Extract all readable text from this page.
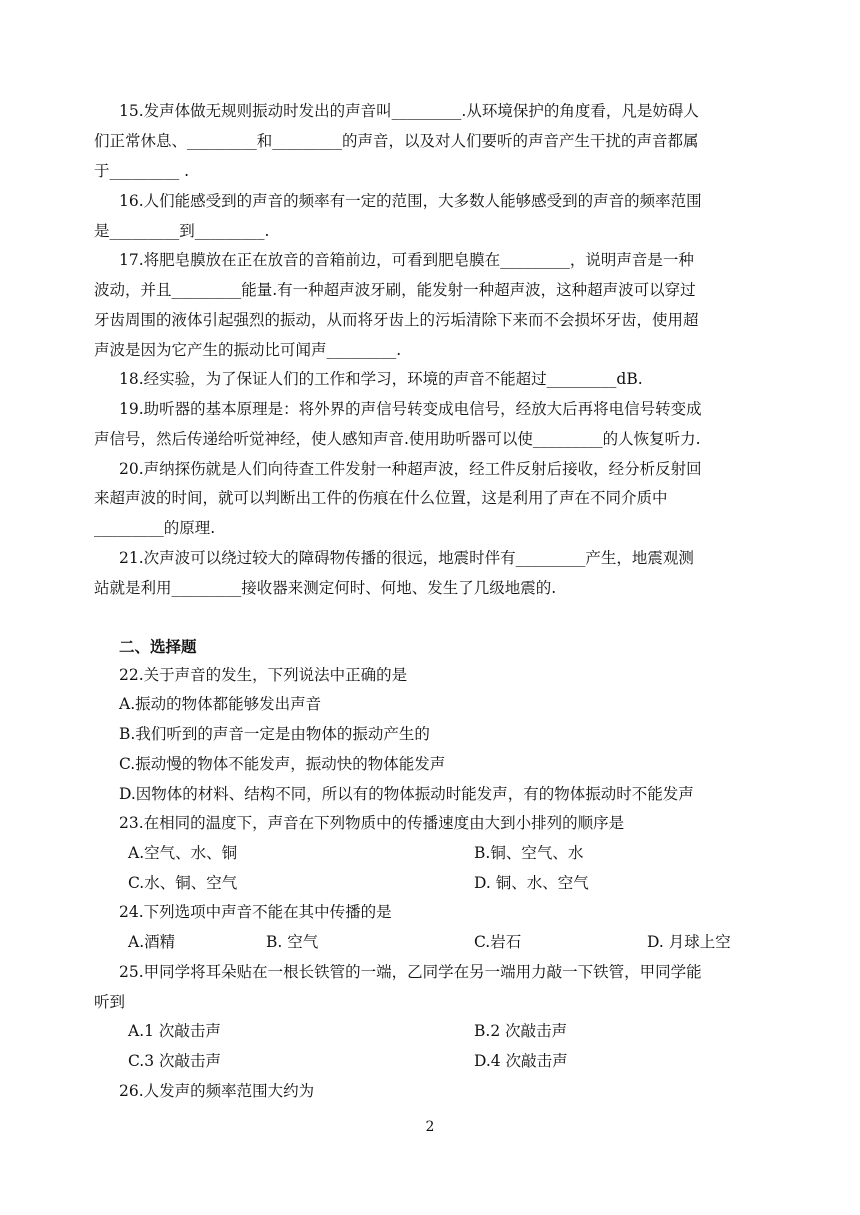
15.发声体做无规则振动时发出的声音叫_________.从环境保护的角度看，凡是妨碍人
们正常休息、_________和_________的声音，以及对人们要听的声音产生干扰的声音都属
于_________ .
16.人们能感受到的声音的频率有一定的范围，大多数人能够感受到的声音的频率范围
是_________到_________.
17.将肥皂膜放在正在放音的音箱前边，可看到肥皂膜在_________，说明声音是一种
波动，并且_________能量.有一种超声波牙刷，能发射一种超声波，这种超声波可以穿过
牙齿周围的液体引起强烈的振动，从而将牙齿上的污垢清除下来而不会损坏牙齿，使用超
声波是因为它产生的振动比可闻声_________.
18.经实验，为了保证人们的工作和学习，环境的声音不能超过_________dB.
19.助听器的基本原理是：将外界的声信号转变成电信号，经放大后再将电信号转变成
声信号，然后传递给听觉神经，使人感知声音.使用助听器可以使_________的人恢复听力.
20.声纳探伤就是人们向待查工件发射一种超声波，经工件反射后接收，经分析反射回
来超声波的时间，就可以判断出工件的伤痕在什么位置，这是利用了声在不同介质中
_________的原理.
21.次声波可以绕过较大的障碍物传播的很远，地震时伴有_________产生，地震观测
站就是利用_________接收器来测定何时、何地、发生了几级地震的.
二、选择题
22.关于声音的发生，下列说法中正确的是
A.振动的物体都能够发出声音
B.我们听到的声音一定是由物体的振动产生的
C.振动慢的物体不能发声，振动快的物体能发声
D.因物体的材料、结构不同，所以有的物体振动时能发声，有的物体振动时不能发声
23.在相同的温度下，声音在下列物质中的传播速度由大到小排列的顺序是
A.空气、水、铜	B.铜、空气、水
C.水、铜、空气	D. 铜、水、空气
24.下列选项中声音不能在其中传播的是
A.酒精	B. 空气	C.岩石	D. 月球上空
25.甲同学将耳朵贴在一根长铁管的一端，乙同学在另一端用力敲一下铁管，甲同学能
听到
A.1 次敲击声	B.2 次敲击声
C.3 次敲击声	D.4 次敲击声
26.人发声的频率范围大约为
2
